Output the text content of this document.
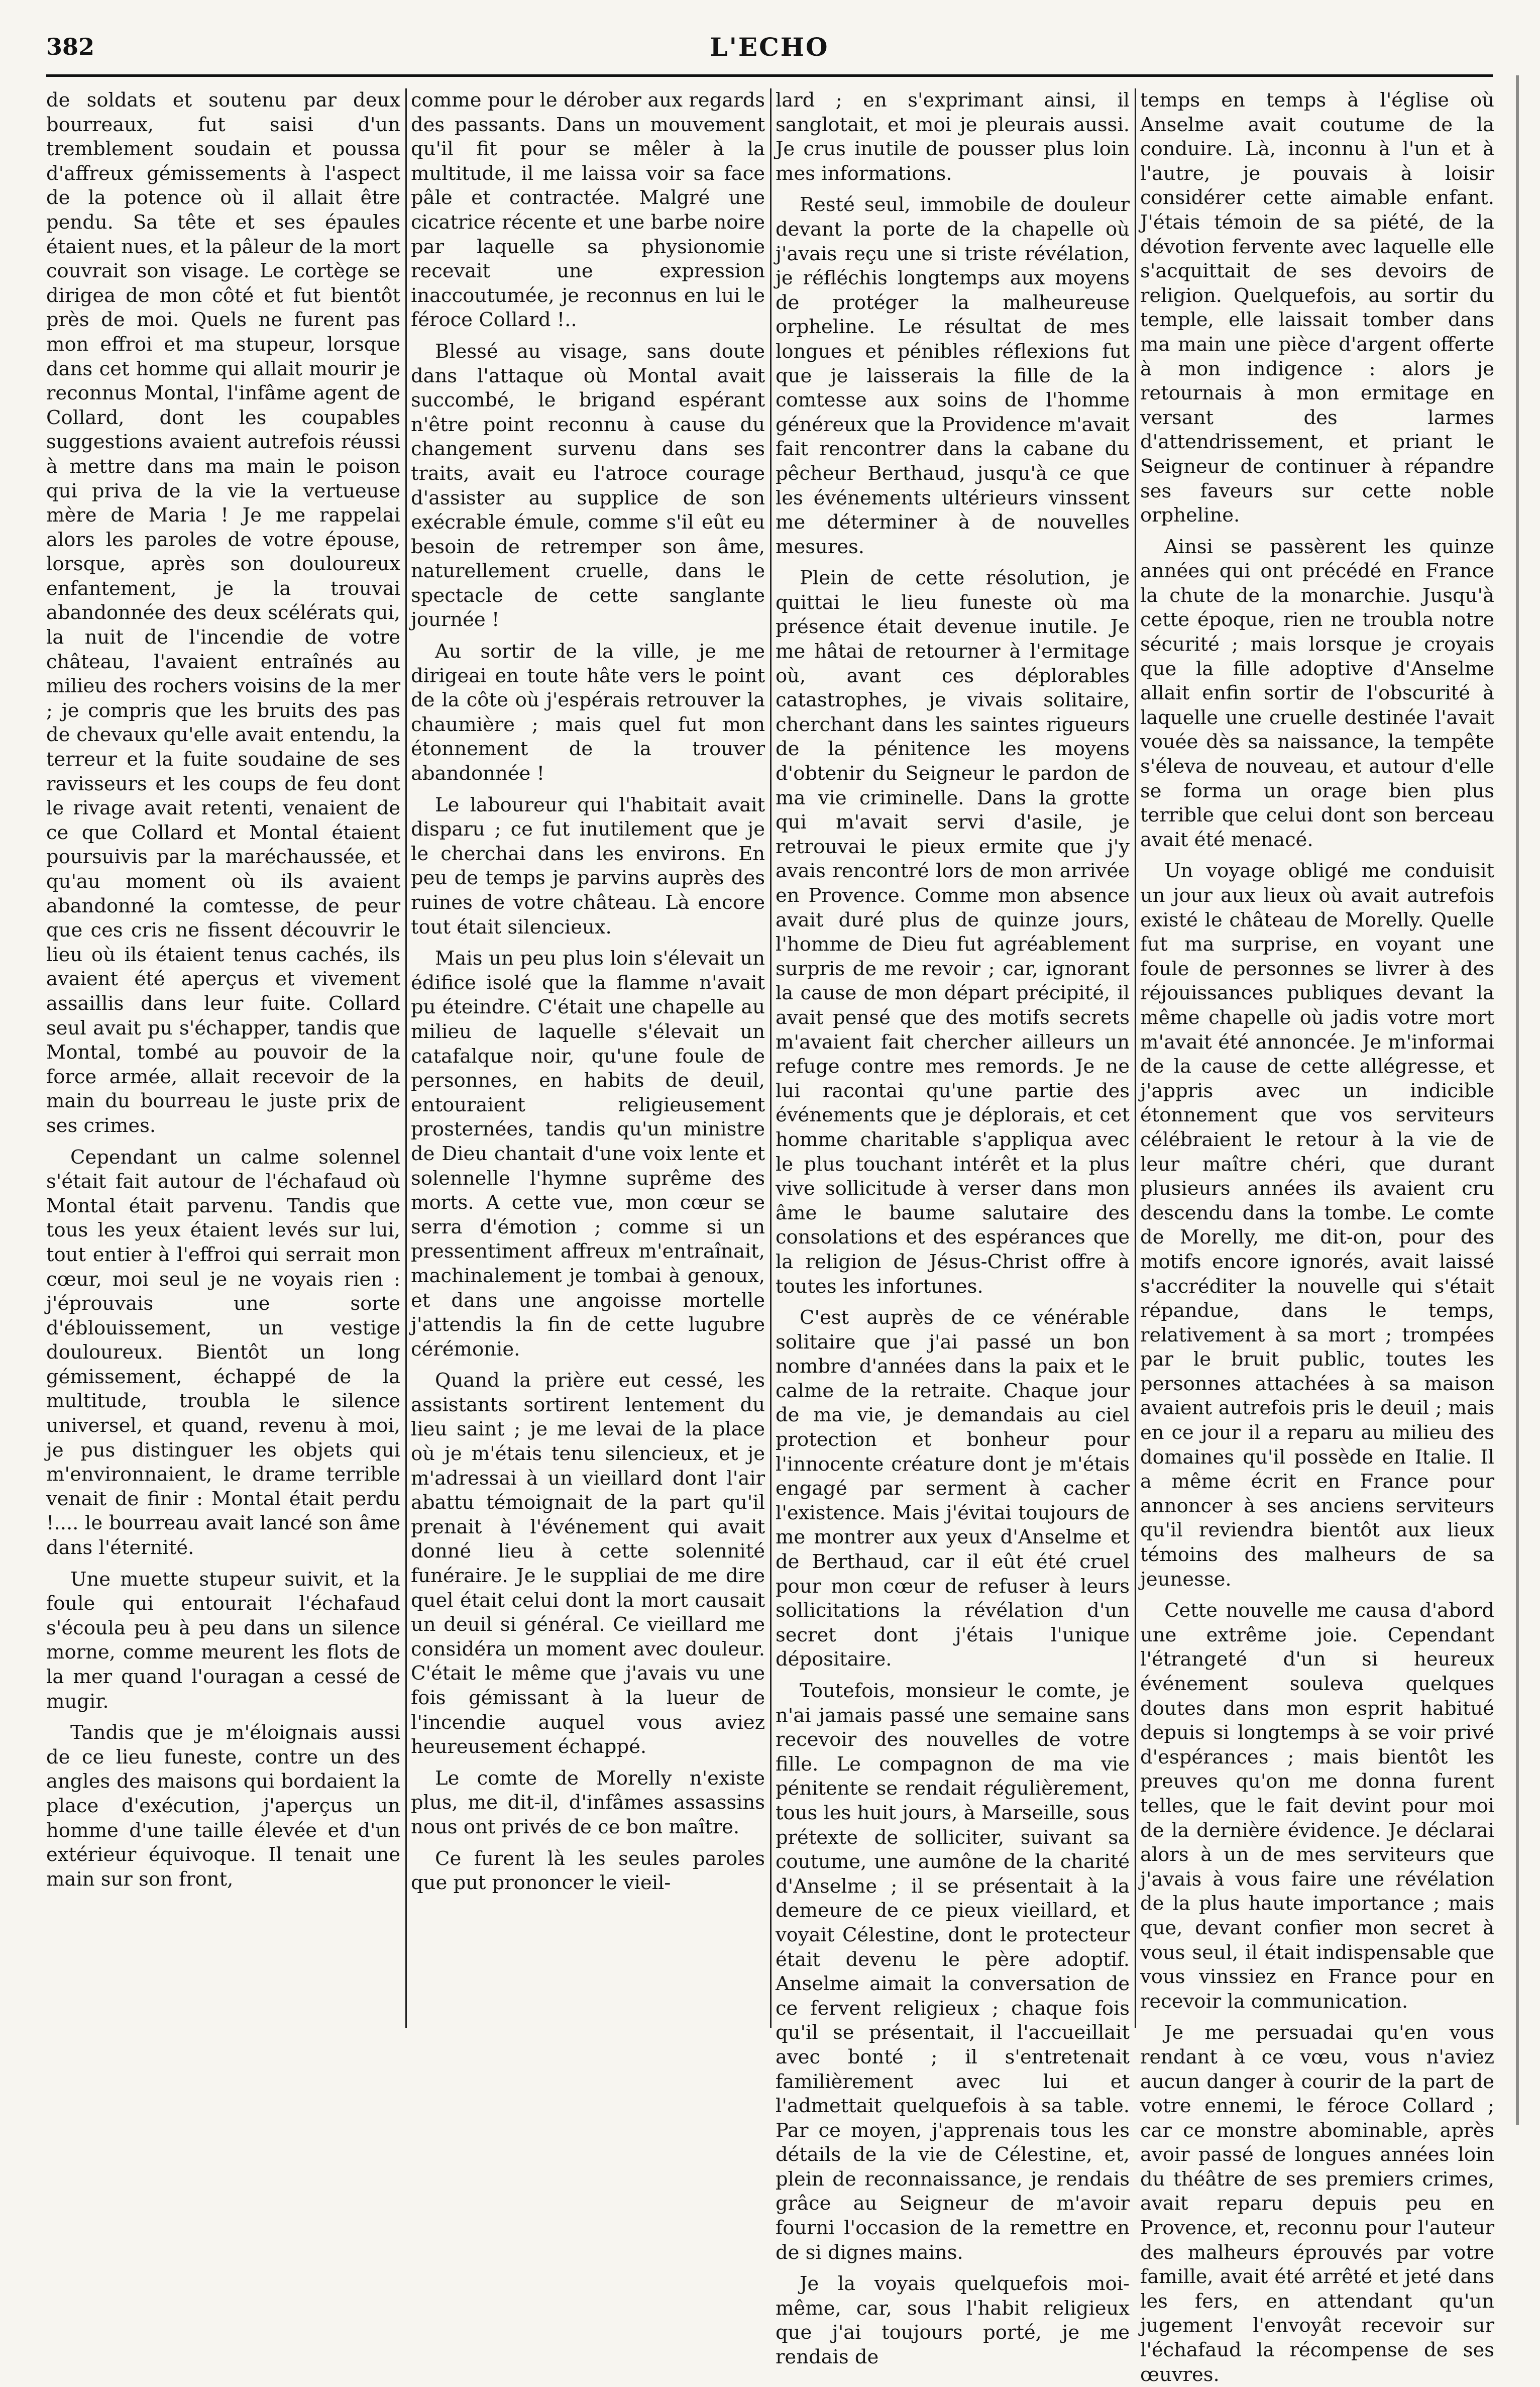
382	L'ECHO

de soldats et soutenu par deux bourreaux, fut saisi d'un tremblement soudain et poussa d'affreux gémissements à l'aspect de la potence où il allait être pendu. Sa tête et ses épaules étaient nues, et la pâleur de la mort couvrait son visage. Le cortège se dirigea de mon côté et fut bientôt près de moi. Quels ne furent pas mon effroi et ma stupeur, lorsque dans cet homme qui allait mourir je reconnus Montal, l'infâme agent de Collard, dont les coupables suggestions avaient autrefois réussi à mettre dans ma main le poison qui priva de la vie la vertueuse mère de Maria ! Je me rappelai alors les paroles de votre épouse, lorsque, après son douloureux enfantement, je la trouvai abandonnée des deux scélérats qui, la nuit de l'incendie de votre château, l'avaient entraînés au milieu des rochers voisins de la mer ; je compris que les bruits des pas de chevaux qu'elle avait entendu, la terreur et la fuite soudaine de ses ravisseurs et les coups de feu dont le rivage avait retenti, venaient de ce que Collard et Montal étaient poursuivis par la maréchaussée, et qu'au moment où ils avaient abandonné la comtesse, de peur que ces cris ne fissent découvrir le lieu où ils étaient tenus cachés, ils avaient été aperçus et vivement assaillis dans leur fuite. Collard seul avait pu s'échapper, tandis que Montal, tombé au pouvoir de la force armée, allait recevoir de la main du bourreau le juste prix de ses crimes.

Cependant un calme solennel s'était fait autour de l'échafaud où Montal était parvenu. Tandis que tous les yeux étaient levés sur lui, tout entier à l'effroi qui serrait mon cœur, moi seul je ne voyais rien : j'éprouvais une sorte d'éblouissement, un vestige douloureux. Bientôt un long gémissement, échappé de la multitude, troubla le silence universel, et quand, revenu à moi, je pus distinguer les objets qui m'environnaient, le drame terrible venait de finir : Montal était perdu !.... le bourreau avait lancé son âme dans l'éternité.

Une muette stupeur suivit, et la foule qui entourait l'échafaud s'écoula peu à peu dans un silence morne, comme meurent les flots de la mer quand l'ouragan a cessé de mugir.

Tandis que je m'éloignais aussi de ce lieu funeste, contre un des angles des maisons qui bordaient la place d'exécution, j'aperçus un homme d'une taille élevée et d'un extérieur équivoque. Il tenait une main sur son front,

comme pour le dérober aux regards des passants. Dans un mouvement qu'il fit pour se mêler à la multitude, il me laissa voir sa face pâle et contractée. Malgré une cicatrice récente et une barbe noire par laquelle sa physionomie recevait une expression inaccoutumée, je reconnus en lui le féroce Collard !..

Blessé au visage, sans doute dans l'attaque où Montal avait succombé, le brigand espérant n'être point reconnu à cause du changement survenu dans ses traits, avait eu l'atroce courage d'assister au supplice de son exécrable émule, comme s'il eût eu besoin de retremper son âme, naturellement cruelle, dans le spectacle de cette sanglante journée !

Au sortir de la ville, je me dirigeai en toute hâte vers le point de la côte où j'espérais retrouver la chaumière ; mais quel fut mon étonnement de la trouver abandonnée !

Le laboureur qui l'habitait avait disparu ; ce fut inutilement que je le cherchai dans les environs. En peu de temps je parvins auprès des ruines de votre château. Là encore tout était silencieux.

Mais un peu plus loin s'élevait un édifice isolé que la flamme n'avait pu éteindre. C'était une chapelle au milieu de laquelle s'élevait un catafalque noir, qu'une foule de personnes, en habits de deuil, entouraient religieusement prosternées, tandis qu'un ministre de Dieu chantait d'une voix lente et solennelle l'hymne suprême des morts. A cette vue, mon cœur se serra d'émotion ; comme si un pressentiment affreux m'entraînait, machinalement je tombai à genoux, et dans une angoisse mortelle j'attendis la fin de cette lugubre cérémonie.

Quand la prière eut cessé, les assistants sortirent lentement du lieu saint ; je me levai de la place où je m'étais tenu silencieux, et je m'adressai à un vieillard dont l'air abattu témoignait de la part qu'il prenait à l'événement qui avait donné lieu à cette solennité funéraire. Je le suppliai de me dire quel était celui dont la mort causait un deuil si général. Ce vieillard me considéra un moment avec douleur. C'était le même que j'avais vu une fois gémissant à la lueur de l'incendie auquel vous aviez heureusement échappé.

Le comte de Morelly n'existe plus, me dit-il, d'infâmes assassins nous ont privés de ce bon maître.

Ce furent là les seules paroles que put prononcer le vieil-

lard ; en s'exprimant ainsi, il sanglotait, et moi je pleurais aussi. Je crus inutile de pousser plus loin mes informations.

Resté seul, immobile de douleur devant la porte de la chapelle où j'avais reçu une si triste révélation, je réfléchis longtemps aux moyens de protéger la malheureuse orpheline. Le résultat de mes longues et pénibles réflexions fut que je laisserais la fille de la comtesse aux soins de l'homme généreux que la Providence m'avait fait rencontrer dans la cabane du pêcheur Berthaud, jusqu'à ce que les événements ultérieurs vinssent me déterminer à de nouvelles mesures.

Plein de cette résolution, je quittai le lieu funeste où ma présence était devenue inutile. Je me hâtai de retourner à l'ermitage où, avant ces déplorables catastrophes, je vivais solitaire, cherchant dans les saintes rigueurs de la pénitence les moyens d'obtenir du Seigneur le pardon de ma vie criminelle. Dans la grotte qui m'avait servi d'asile, je retrouvai le pieux ermite que j'y avais rencontré lors de mon arrivée en Provence. Comme mon absence avait duré plus de quinze jours, l'homme de Dieu fut agréablement surpris de me revoir ; car, ignorant la cause de mon départ précipité, il avait pensé que des motifs secrets m'avaient fait chercher ailleurs un refuge contre mes remords. Je ne lui racontai qu'une partie des événements que je déplorais, et cet homme charitable s'appliqua avec le plus touchant intérêt et la plus vive sollicitude à verser dans mon âme le baume salutaire des consolations et des espérances que la religion de Jésus-Christ offre à toutes les infortunes.

C'est auprès de ce vénérable solitaire que j'ai passé un bon nombre d'années dans la paix et le calme de la retraite. Chaque jour de ma vie, je demandais au ciel protection et bonheur pour l'innocente créature dont je m'étais engagé par serment à cacher l'existence. Mais j'évitai toujours de me montrer aux yeux d'Anselme et de Berthaud, car il eût été cruel pour mon cœur de refuser à leurs sollicitations la révélation d'un secret dont j'étais l'unique dépositaire.

Toutefois, monsieur le comte, je n'ai jamais passé une semaine sans recevoir des nouvelles de votre fille. Le compagnon de ma vie pénitente se rendait régulièrement, tous les huit jours, à Marseille, sous prétexte de solliciter, suivant sa coutume, une aumône de la charité d'Anselme ; il se présentait à la demeure de ce pieux vieillard, et voyait Célestine, dont le protecteur était devenu le père adoptif. Anselme aimait la conversation de ce fervent religieux ; chaque fois qu'il se présentait, il l'accueillait avec bonté ; il s'entretenait familièrement avec lui et l'admettait quelquefois à sa table. Par ce moyen, j'apprenais tous les détails de la vie de Célestine, et, plein de reconnaissance, je rendais grâce au Seigneur de m'avoir fourni l'occasion de la remettre en de si dignes mains.

Je la voyais quelquefois moi-même, car, sous l'habit religieux que j'ai toujours porté, je me rendais de

temps en temps à l'église où Anselme avait coutume de la conduire. Là, inconnu à l'un et à l'autre, je pouvais à loisir considérer cette aimable enfant. J'étais témoin de sa piété, de la dévotion fervente avec laquelle elle s'acquittait de ses devoirs de religion. Quelquefois, au sortir du temple, elle laissait tomber dans ma main une pièce d'argent offerte à mon indigence : alors je retournais à mon ermitage en versant des larmes d'attendrissement, et priant le Seigneur de continuer à répandre ses faveurs sur cette noble orpheline.

Ainsi se passèrent les quinze années qui ont précédé en France la chute de la monarchie. Jusqu'à cette époque, rien ne troubla notre sécurité ; mais lorsque je croyais que la fille adoptive d'Anselme allait enfin sortir de l'obscurité à laquelle une cruelle destinée l'avait vouée dès sa naissance, la tempête s'éleva de nouveau, et autour d'elle se forma un orage bien plus terrible que celui dont son berceau avait été menacé.

Un voyage obligé me conduisit un jour aux lieux où avait autrefois existé le château de Morelly. Quelle fut ma surprise, en voyant une foule de personnes se livrer à des réjouissances publiques devant la même chapelle où jadis votre mort m'avait été annoncée. Je m'informai de la cause de cette allégresse, et j'appris avec un indicible étonnement que vos serviteurs célébraient le retour à la vie de leur maître chéri, que durant plusieurs années ils avaient cru descendu dans la tombe. Le comte de Morelly, me dit-on, pour des motifs encore ignorés, avait laissé s'accréditer la nouvelle qui s'était répandue, dans le temps, relativement à sa mort ; trompées par le bruit public, toutes les personnes attachées à sa maison avaient autrefois pris le deuil ; mais en ce jour il a reparu au milieu des domaines qu'il possède en Italie. Il a même écrit en France pour annoncer à ses anciens serviteurs qu'il reviendra bientôt aux lieux témoins des malheurs de sa jeunesse.

Cette nouvelle me causa d'abord une extrême joie. Cependant l'étrangeté d'un si heureux événement souleva quelques doutes dans mon esprit habitué depuis si longtemps à se voir privé d'espérances ; mais bientôt les preuves qu'on me donna furent telles, que le fait devint pour moi de la dernière évidence. Je déclarai alors à un de mes serviteurs que j'avais à vous faire une révélation de la plus haute importance ; mais que, devant confier mon secret à vous seul, il était indispensable que vous vinssiez en France pour en recevoir la communication.

Je me persuadai qu'en vous rendant à ce vœu, vous n'aviez aucun danger à courir de la part de votre ennemi, le féroce Collard ; car ce monstre abominable, après avoir passé de longues années loin du théâtre de ses premiers crimes, avait reparu depuis peu en Provence, et, reconnu pour l'auteur des malheurs éprouvés par votre famille, avait été arrêté et jeté dans les fers, en attendant qu'un jugement l'envoyât recevoir sur l'échafaud la récompense de ses œuvres.
